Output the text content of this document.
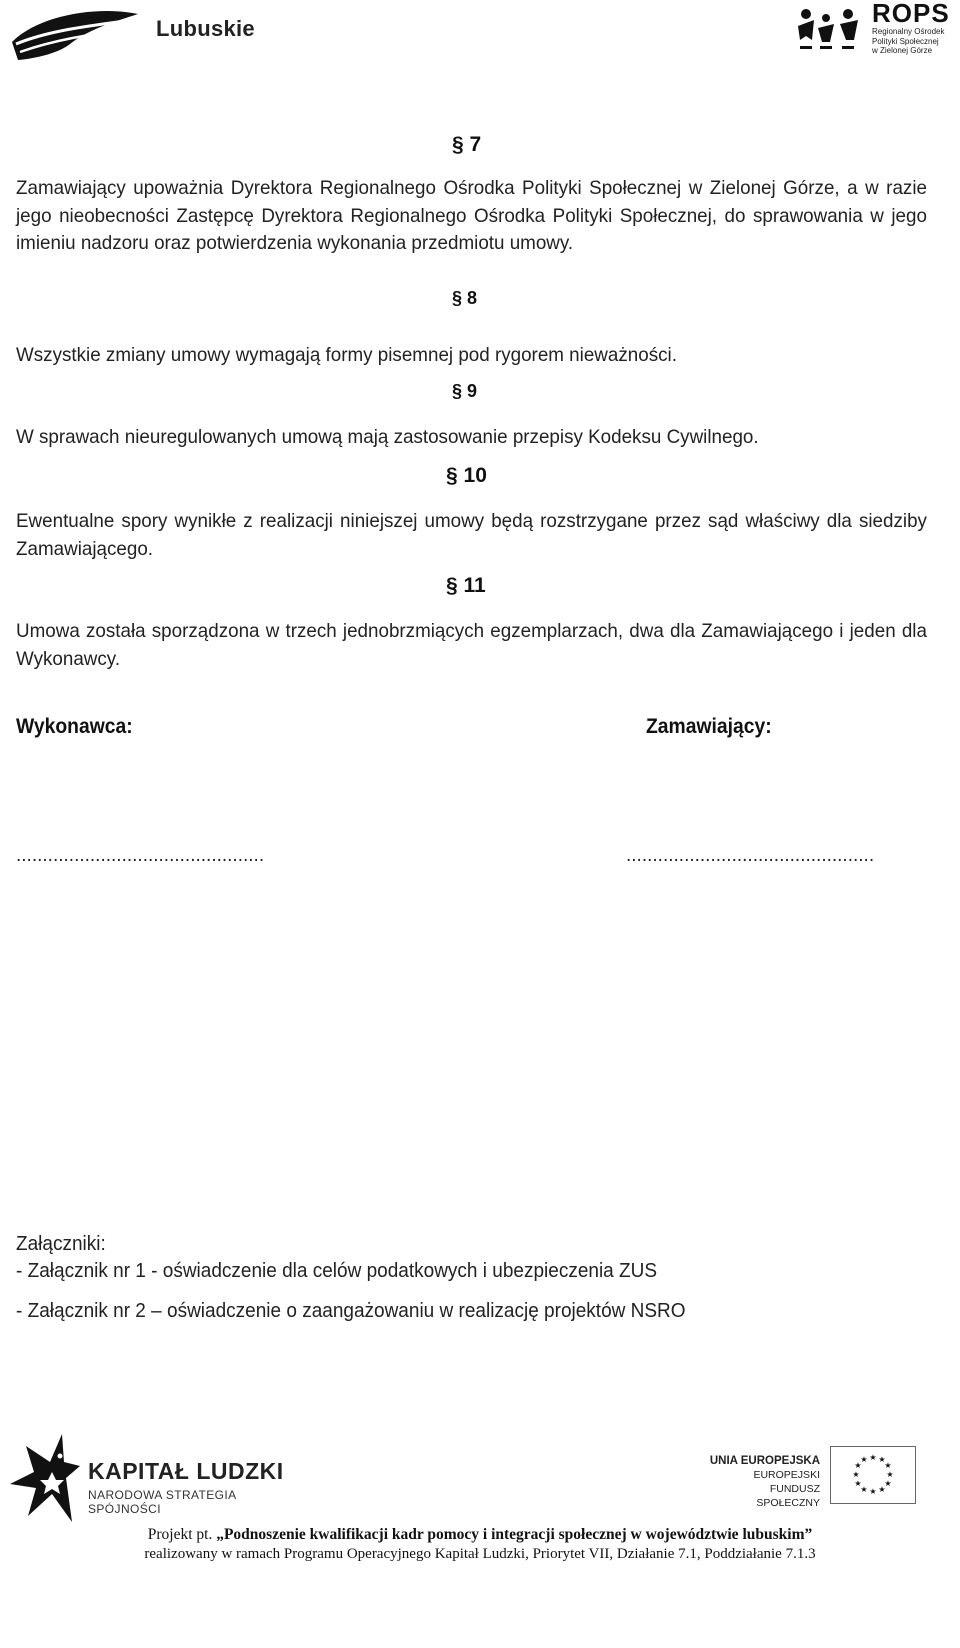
Lubuskie
ROPS
Regionalny Ośrodek
Polityki Społecznej
w Zielonej Górze
§ 7
Zamawiający upoważnia Dyrektora Regionalnego Ośrodka Polityki Społecznej w Zielonej Górze, a w razie jego nieobecności Zastępcę Dyrektora Regionalnego Ośrodka Polityki Społecznej, do sprawowania w jego imieniu nadzoru oraz potwierdzenia wykonania przedmiotu umowy.
§ 8
Wszystkie zmiany umowy wymagają formy pisemnej pod rygorem nieważności.
§ 9
W sprawach nieuregulowanych umową mają zastosowanie przepisy Kodeksu Cywilnego.
§ 10
Ewentualne spory wynikłe z realizacji niniejszej umowy będą rozstrzygane przez sąd właściwy dla siedziby Zamawiającego.
§ 11
Umowa została sporządzona w trzech jednobrzmiących egzemplarzach, dwa dla Zamawiającego i jeden dla Wykonawcy.
Wykonawca:	Zamawiający:
...............................................	...............................................
Załączniki:
- Załącznik nr 1 - oświadczenie dla celów podatkowych i ubezpieczenia ZUS
- Załącznik nr 2 – oświadczenie o zaangażowaniu w realizację projektów NSRO
KAPITAŁ LUDZKI
NARODOWA STRATEGIA SPÓJNOŚCI
UNIA EUROPEJSKA
EUROPEJSKI
FUNDUSZ SPOŁECZNY
★ ★
★
★
★
★
★
★
★
★
★
★
Projekt pt. „Podnoszenie kwalifikacji kadr pomocy i integracji społecznej w województwie lubuskim”
realizowany w ramach Programu Operacyjnego Kapitał Ludzki, Priorytet VII, Działanie 7.1, Poddziałanie 7.1.3
